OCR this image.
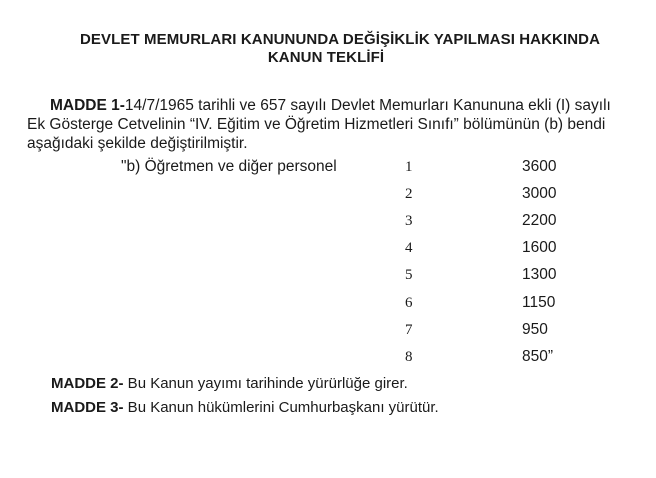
DEVLET MEMURLARI KANUNUNDA DEĞİŞİKLİK YAPILMASI HAKKINDA
KANUN TEKLİFİ
MADDE 1-14/7/1965 tarihli ve 657 sayılı Devlet Memurları Kanununa ekli (I) sayılı
Ek Gösterge Cetvelinin “IV. Eğitim ve Öğretim Hizmetleri Sınıfı” bölümünün (b) bendi
aşağıdaki şekilde değiştirilmiştir.
"b) Öğretmen ve diğer personel	1	3600
2	3000
3	2200
4	1600
5	1300
6	1150
7	950
8	850”
MADDE 2- Bu Kanun yayımı tarihinde yürürlüğe girer.
MADDE 3- Bu Kanun hükümlerini Cumhurbaşkanı yürütür.
